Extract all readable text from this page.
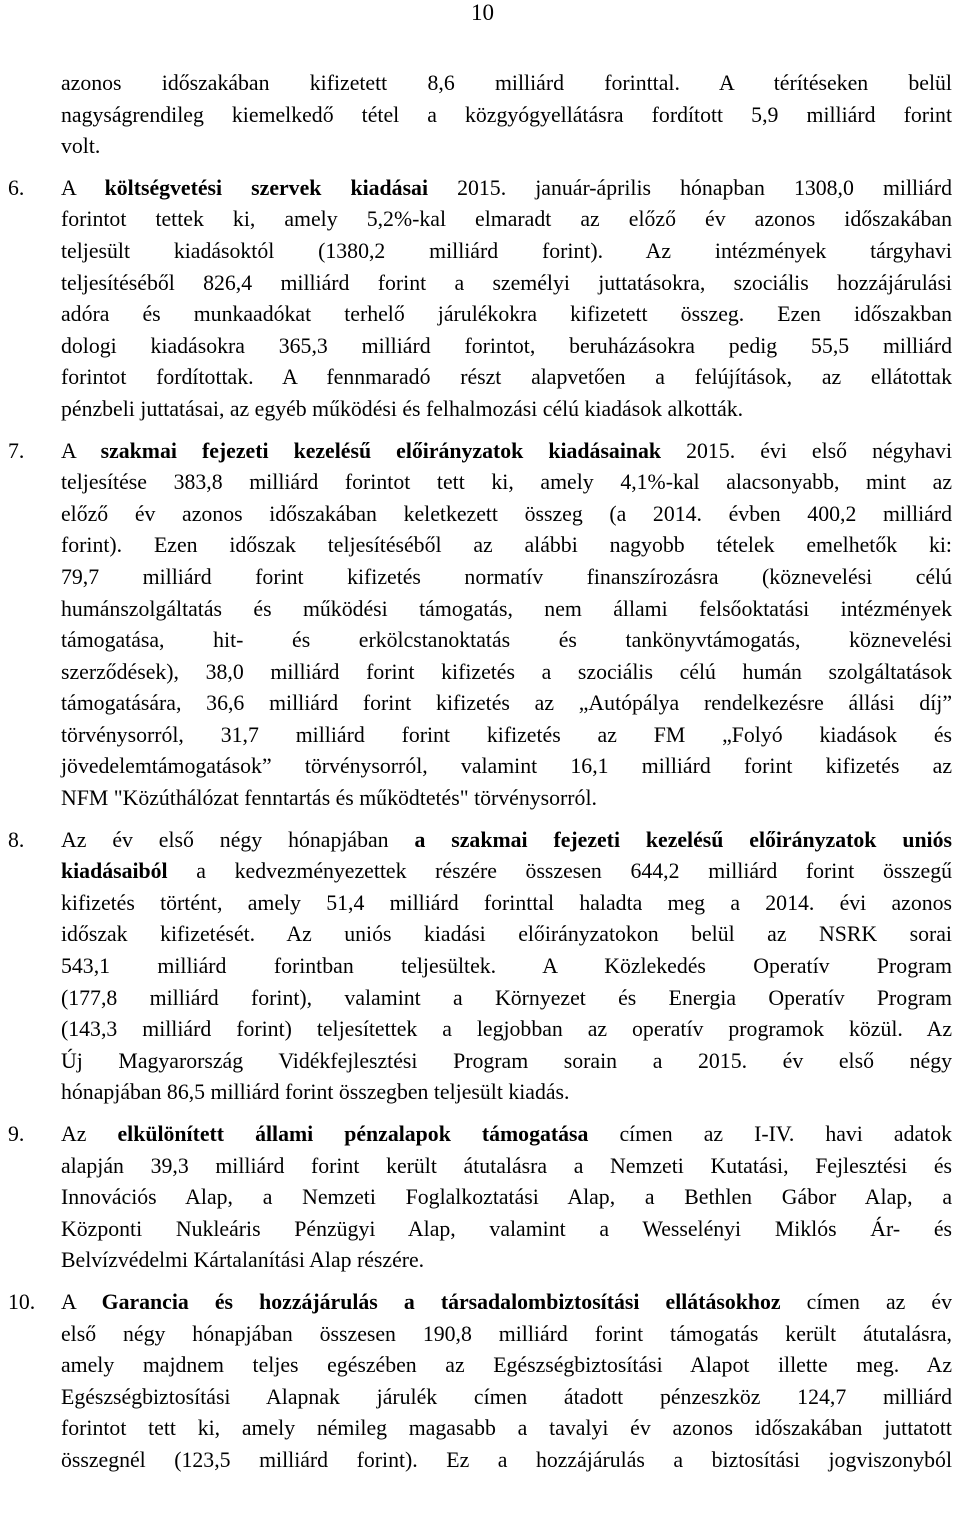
10
azonos időszakában kifizetett 8,6 milliárd forinttal. A térítéseken belül
nagyságrendileg kiemelkedő tétel a közgyógyellátásra fordított 5,9 milliárd forint
volt.
6. A költségvetési szervek kiadásai 2015. január-április hónapban 1308,0 milliárd
forintot tettek ki, amely 5,2%-kal elmaradt az előző év azonos időszakában
teljesült kiadásoktól (1380,2 milliárd forint). Az intézmények tárgyhavi
teljesítéséből 826,4 milliárd forint a személyi juttatásokra, szociális hozzájárulási
adóra és munkaadókat terhelő járulékokra kifizetett összeg. Ezen időszakban
dologi kiadásokra 365,3 milliárd forintot, beruházásokra pedig 55,5 milliárd
forintot fordítottak. A fennmaradó részt alapvetően a felújítások, az ellátottak
pénzbeli juttatásai, az egyéb működési és felhalmozási célú kiadások alkották.
7. A szakmai fejezeti kezelésű előirányzatok kiadásainak 2015. évi első négyhavi
teljesítése 383,8 milliárd forintot tett ki, amely 4,1%-kal alacsonyabb, mint az
előző év azonos időszakában keletkezett összeg (a 2014. évben 400,2 milliárd
forint). Ezen időszak teljesítéséből az alábbi nagyobb tételek emelhetők ki:
79,7 milliárd forint kifizetés normatív finanszírozásra (köznevelési célú
humánszolgáltatás és működési támogatás, nem állami felsőoktatási intézmények
támogatása, hit- és erkölcstanoktatás és tankönyvtámogatás, köznevelési
szerződések), 38,0 milliárd forint kifizetés a szociális célú humán szolgáltatások
támogatására, 36,6 milliárd forint kifizetés az „Autópálya rendelkezésre állási díj”
törvénysorról, 31,7 milliárd forint kifizetés az FM „Folyó kiadások és
jövedelemtámogatások” törvénysorról, valamint 16,1 milliárd forint kifizetés az
NFM "Közúthálózat fenntartás és működtetés" törvénysorról.
8. Az év első négy hónapjában a szakmai fejezeti kezelésű előirányzatok uniós
kiadásaiból a kedvezményezettek részére összesen 644,2 milliárd forint összegű
kifizetés történt, amely 51,4 milliárd forinttal haladta meg a 2014. évi azonos
időszak kifizetését. Az uniós kiadási előirányzatokon belül az NSRK sorai
543,1 milliárd forintban teljesültek. A Közlekedés Operatív Program
(177,8 milliárd forint), valamint a Környezet és Energia Operatív Program
(143,3 milliárd forint) teljesítettek a legjobban az operatív programok közül. Az
Új Magyarország Vidékfejlesztési Program sorain a 2015. év első négy
hónapjában 86,5 milliárd forint összegben teljesült kiadás.
9. Az elkülönített állami pénzalapok támogatása címen az I-IV. havi adatok
alapján 39,3 milliárd forint került átutalásra a Nemzeti Kutatási, Fejlesztési és
Innovációs Alap, a Nemzeti Foglalkoztatási Alap, a Bethlen Gábor Alap, a
Központi Nukleáris Pénzügyi Alap, valamint a Wesselényi Miklós Ár- és
Belvízvédelmi Kártalanítási Alap részére.
10. A Garancia és hozzájárulás a társadalombiztosítási ellátásokhoz címen az év
első négy hónapjában összesen 190,8 milliárd forint támogatás került átutalásra,
amely majdnem teljes egészében az Egészségbiztosítási Alapot illette meg. Az
Egészségbiztosítási Alapnak járulék címen átadott pénzeszköz 124,7 milliárd
forintot tett ki, amely némileg magasabb a tavalyi év azonos időszakában juttatott
összegnél (123,5 milliárd forint). Ez a hozzájárulás a biztosítási jogviszonyból
